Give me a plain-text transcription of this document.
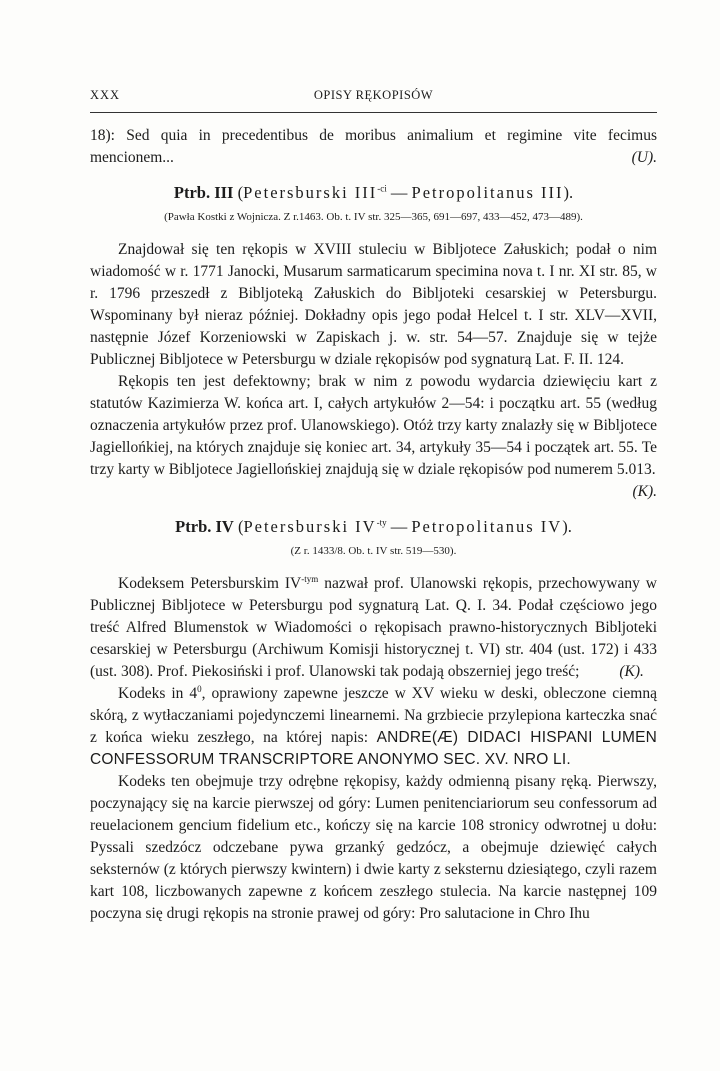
XXX	OPISY RĘKOPISÓW

18): Sed quia in precedentibus de moribus animalium et regimine vite fecimus mencionem...	(U).

Ptrb. III (Petersburski $III^{-ci}$ — Petropolitanus III).
(Pawła Kostki z Wojnicza. Z r.1463. Ob. t. IV str. 325—365, 691—697, 433—452, 473—489).

Znajdował się ten rękopis w XVIII stuleciu w Bibljotece Załuskich; podał o nim wiadomość w r. 1771 Janocki, Musarum sarmaticarum specimina nova t. I nr. XI str. 85, w r. 1796 przeszedł z Bibljoteką Załuskich do Bibljoteki cesarskiej w Petersburgu. Wspominany był nieraz później. Dokładny opis jego podał Helcel t. I str. XLV—XVII, następnie Józef Korzeniowski w Zapiskach j. w. str. 54—57. Znajduje się w tejże Publicznej Bibljotece w Petersburgu w dziale rękopisów pod sygnaturą Lat. F. II. 124.

Rękopis ten jest defektowny; brak w nim z powodu wydarcia dziewięciu kart z statutów Kazimierza W. końca art. I, całych artykułów 2—54: i początku art. 55 (według oznaczenia artykułów przez prof. Ulanowskiego). Otóż trzy karty znalazły się w Bibljotece Jagiellońkiej, na których znajduje się koniec art. 34, artykuły 35—54 i początek art. 55. Te trzy karty w Bibljotece Jagiellońskiej znajdują się w dziale rękopisów pod numerem 5.013.

(K).

Ptrb. IV (Petersburski $IV^{-ty}$ — Petropolitanus IV).
(Z r. 1433/8. Ob. t. IV str. 519—530).

Kodeksem Petersburskim $IV^{-tym}$ nazwał prof. Ulanowski rękopis, przechowywany w Publicznej Bibljotece w Petersburgu pod sygnaturą Lat. Q. I. 34. Podał częściowo jego treść Alfred Blumenstok w Wiadomości o rękopisach prawno-historycznych Bibljoteki cesarskiej w Petersburgu (Archiwum Komisji historycznej t. VI) str. 404 (ust. 172) i 433 (ust. 308). Prof. Piekosiński i prof. Ulanowski tak podają obszerniej jego treść;	(K).

Kodeks in $4^0$, oprawiony zapewne jeszcze w XV wieku w deski, obleczone ciemną skórą, z wytłaczaniami pojedynczemi linearnemi. Na grzbiecie przylepiona karteczka snać z końca wieku zeszłego, na której napis: ANDRE(Æ) DIDACI HISPANI LUMEN CONFESSORUM TRANSCRIPTORE ANONYMO SEC. XV. NRO LI.

Kodeks ten obejmuje trzy odrębne rękopisy, każdy odmienną pisany ręką. Pierwszy, poczynający się na karcie pierwszej od góry: Lumen penitenciariorum seu confessorum ad reuelacionem gencium fidelium etc., kończy się na karcie 108 stronicy odwrotnej u dołu: Pyssali szedzócz odczebane pywa grzanký gedzócz, a obejmuje dziewięć całych seksternów (z których pierwszy kwintern) i dwie karty z seksternu dziesiątego, czyli razem kart 108, liczbowanych zapewne z końcem zeszłego stulecia. Na karcie następnej 109 poczyna się drugi rękopis na stronie prawej od góry: Pro salutacione in Chro Ihu
